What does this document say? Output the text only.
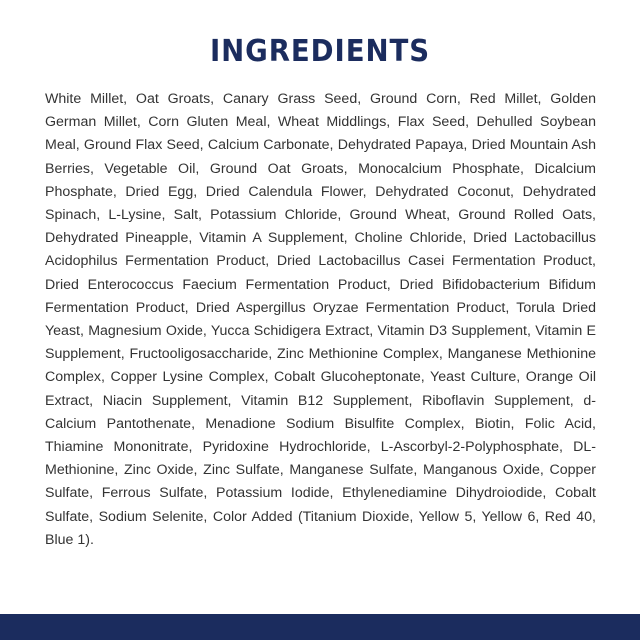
INGREDIENTS

White Millet, Oat Groats, Canary Grass Seed, Ground Corn, Red Millet, Golden German Millet, Corn Gluten Meal, Wheat Middlings, Flax Seed, Dehulled Soybean Meal, Ground Flax Seed, Calcium Carbonate, Dehydrated Papaya, Dried Mountain Ash Berries, Vegetable Oil, Ground Oat Groats, Monocalcium Phosphate, Dicalcium Phosphate, Dried Egg, Dried Calendula Flower, Dehydrated Coconut, Dehydrated Spinach, L-Lysine, Salt, Potassium Chloride, Ground Wheat, Ground Rolled Oats, Dehydrated Pineapple, Vitamin A Supplement, Choline Chloride, Dried Lactobacillus Acidophilus Fermentation Product, Dried Lactobacillus Casei Fermentation Product, Dried Enterococcus Faecium Fermentation Product, Dried Bifidobacterium Bifidum Fermentation Product, Dried Aspergillus Oryzae Fermentation Product, Torula Dried Yeast, Magnesium Oxide, Yucca Schidigera Extract, Vitamin D3 Supplement, Vitamin E Supplement, Fructooligosaccharide, Zinc Methionine Complex, Manganese Methionine Complex, Copper Lysine Complex, Cobalt Glucoheptonate, Yeast Culture, Orange Oil Extract, Niacin Supplement, Vitamin B12 Supplement, Riboflavin Supplement, d-Calcium Pantothenate, Menadione Sodium Bisulfite Complex, Biotin, Folic Acid, Thiamine Mononitrate, Pyridoxine Hydrochloride, L-Ascorbyl-2-Polyphosphate, DL-Methionine, Zinc Oxide, Zinc Sulfate, Manganese Sulfate, Manganous Oxide, Copper Sulfate, Ferrous Sulfate, Potassium Iodide, Ethylenediamine Dihydroiodide, Cobalt Sulfate, Sodium Selenite, Color Added (Titanium Dioxide, Yellow 5, Yellow 6, Red 40, Blue 1).
